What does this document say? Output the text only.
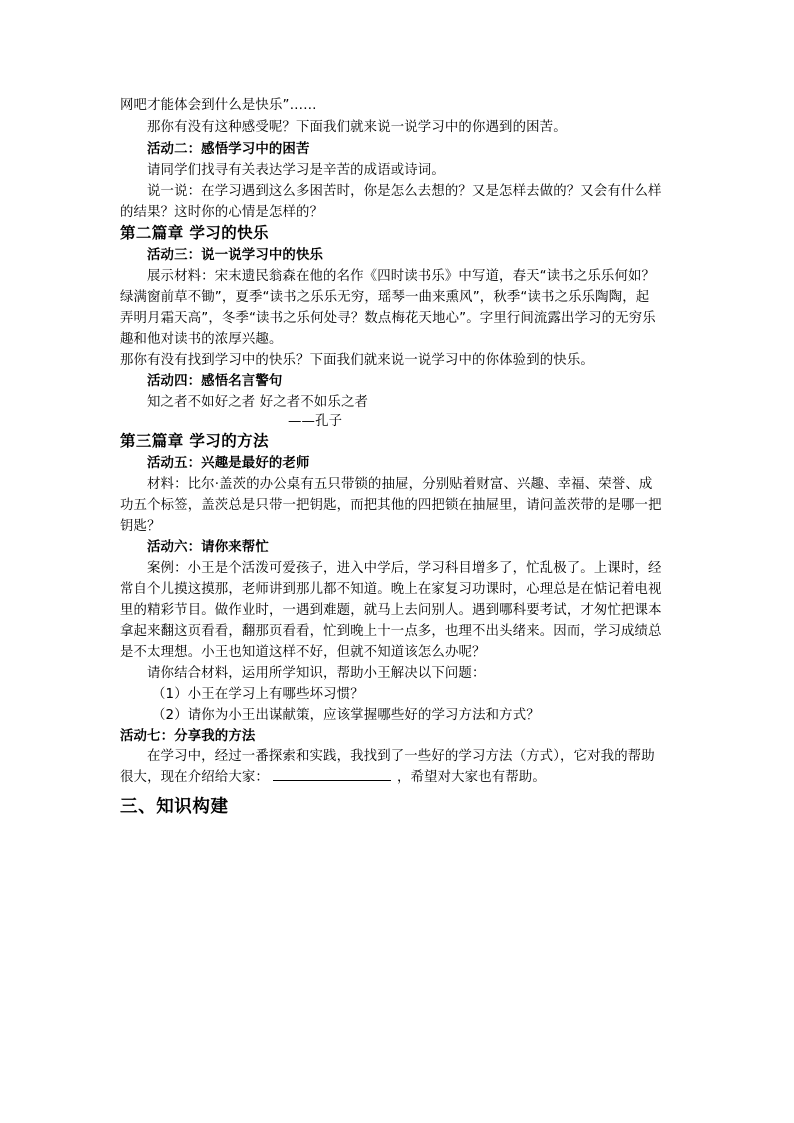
网吧才能体会到什么是快乐”……
那你有没有这种感受呢？下面我们就来说一说学习中的你遇到的困苦。
活动二：感悟学习中的困苦
请同学们找寻有关表达学习是辛苦的成语或诗词。
说一说：在学习遇到这么多困苦时，你是怎么去想的？又是怎样去做的？又会有什么样
的结果？这时你的心情是怎样的？
第二篇章 学习的快乐
活动三：说一说学习中的快乐
展示材料：宋末遗民翁森在他的名作《四时读书乐》中写道，春天“读书之乐乐何如？
绿满窗前草不锄”，夏季“读书之乐乐无穷，瑶琴一曲来熏风”，秋季“读书之乐乐陶陶，起
弄明月霜天高”，冬季“读书之乐何处寻？数点梅花天地心”。字里行间流露出学习的无穷乐
趣和他对读书的浓厚兴趣。
那你有没有找到学习中的快乐？下面我们就来说一说学习中的你体验到的快乐。
活动四：感悟名言警句
知之者不如好之者 好之者不如乐之者
——孔子
第三篇章 学习的方法
活动五：兴趣是最好的老师
材料：比尔·盖茨的办公桌有五只带锁的抽屉，分别贴着财富、兴趣、幸福、荣誉、成
功五个标签，盖茨总是只带一把钥匙，而把其他的四把锁在抽屉里，请问盖茨带的是哪一把
钥匙？
活动六：请你来帮忙
案例：小王是个活泼可爱孩子，进入中学后，学习科目增多了，忙乱极了。上课时，经
常自个儿摸这摸那，老师讲到那儿都不知道。晚上在家复习功课时，心理总是在惦记着电视
里的精彩节目。做作业时，一遇到难题，就马上去问别人。遇到哪科要考试，才匆忙把课本
拿起来翻这页看看，翻那页看看，忙到晚上十一点多，也理不出头绪来。因而，学习成绩总
是不太理想。小王也知道这样不好，但就不知道该怎么办呢？
请你结合材料，运用所学知识，帮助小王解决以下问题：
（1）小王在学习上有哪些坏习惯？
（2）请你为小王出谋献策，应该掌握哪些好的学习方法和方式？
活动七：分享我的方法
在学习中，经过一番探索和实践，我找到了一些好的学习方法（方式），它对我的帮助
很大，现在介绍给大家：	，希望对大家也有帮助。
三、知识构建
